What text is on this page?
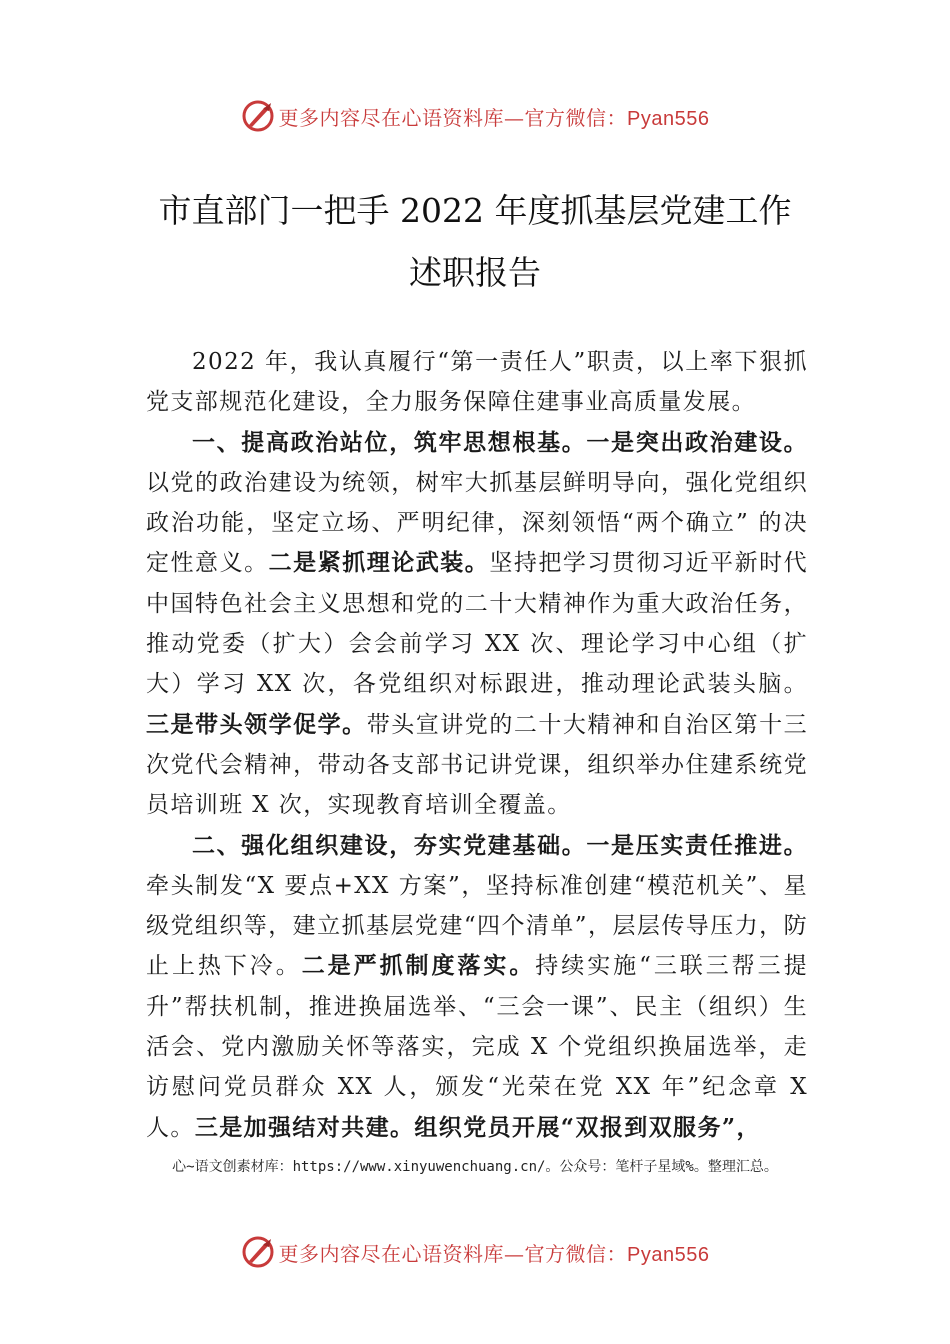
更多内容尽在心语资料库—官方微信：Pyan556
市直部门一把手 2022 年度抓基层党建工作
述职报告

2022 年，我认真履行“第一责任人”职责，以上率下狠抓党支部规范化建设，全力服务保障住建事业高质量发展。

一、提高政治站位，筑牢思想根基。一是突出政治建设。以党的政治建设为统领，树牢大抓基层鲜明导向，强化党组织政治功能，坚定立场、严明纪律，深刻领悟“两个确立” 的决定性意义。二是紧抓理论武装。坚持把学习贯彻习近平新时代中国特色社会主义思想和党的二十大精神作为重大政治任务，推动党委（扩大）会会前学习 XX 次、理论学习中心组（扩大）学习 XX 次，各党组织对标跟进，推动理论武装头脑。三是带头领学促学。带头宣讲党的二十大精神和自治区第十三次党代会精神，带动各支部书记讲党课，组织举办住建系统党员培训班 X 次，实现教育培训全覆盖。

二、强化组织建设，夯实党建基础。一是压实责任推进。牵头制发“X 要点+XX 方案”，坚持标准创建“模范机关”、星级党组织等，建立抓基层党建“四个清单”，层层传导压力，防止上热下冷。二是严抓制度落实。持续实施“三联三帮三提升”帮扶机制，推进换届选举、“三会一课”、民主（组织）生活会、党内激励关怀等落实，完成 X 个党组织换届选举，走访慰问党员群众 XX 人，颁发“光荣在党 XX 年”纪念章 X 人。三是加强结对共建。组织党员开展“双报到双服务”，

心~语文创素材库：https://www.xinyuwenchuang.cn/。公众号：笔杆子星域%。整理汇总。
更多内容尽在心语资料库—官方微信：Pyan556
